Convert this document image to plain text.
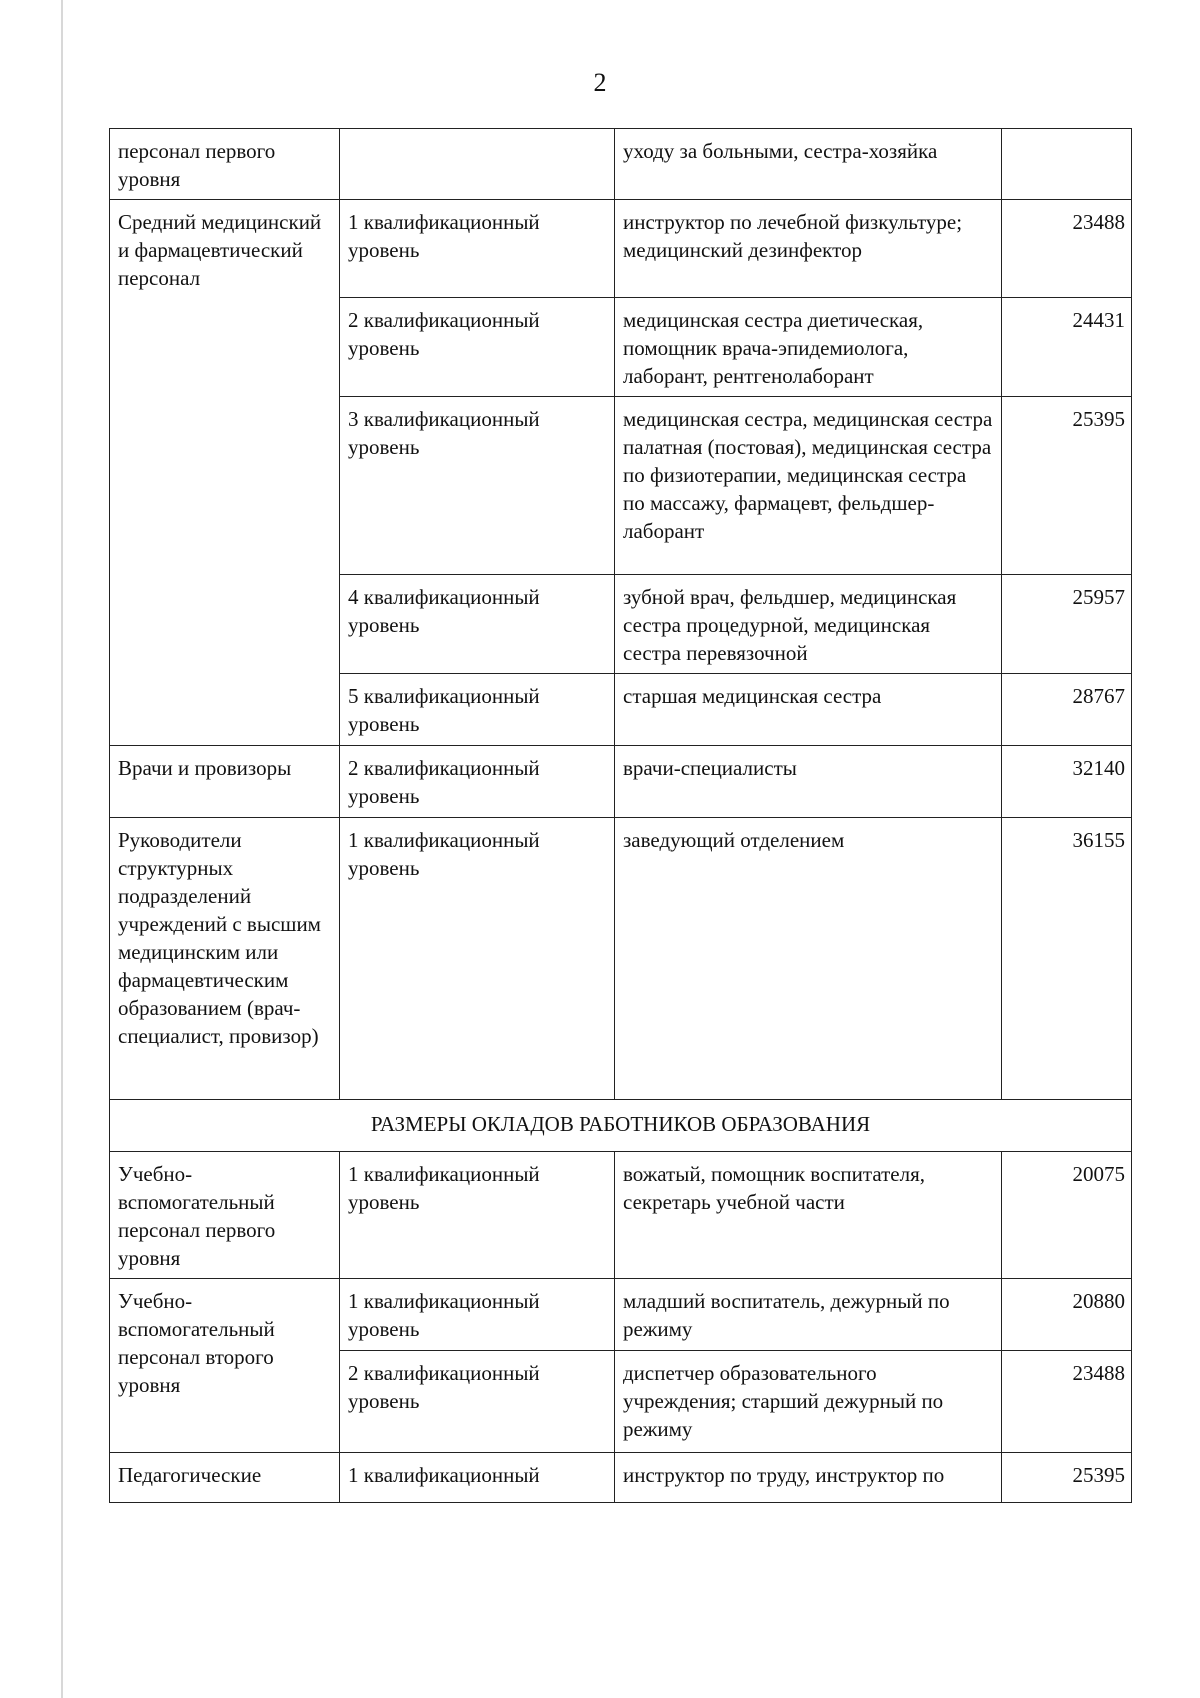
2
персонал первого уровня		уходу за больными, сестра-хозяйка	
Средний медицинский и фармацевтический персонал	1 квалификационный уровень	инструктор по лечебной физкультуре; медицинский дезинфектор	23488
	2 квалификационный уровень	медицинская сестра диетическая, помощник врача-эпидемиолога, лаборант, рентгенолаборант	24431
	3 квалификационный уровень	медицинская сестра, медицинская сестра палатная (постовая), медицинская сестра по физиотерапии, медицинская сестра по массажу, фармацевт, фельдшер-лаборант	25395
	4 квалификационный уровень	зубной врач, фельдшер, медицинская сестра процедурной, медицинская сестра перевязочной	25957
	5 квалификационный уровень	старшая медицинская сестра	28767
Врачи и провизоры	2 квалификационный уровень	врачи-специалисты	32140
Руководители структурных подразделений учреждений с высшим медицинским или фармацевтическим образованием (врач-специалист, провизор)	1 квалификационный уровень	заведующий отделением	36155
РАЗМЕРЫ ОКЛАДОВ РАБОТНИКОВ ОБРАЗОВАНИЯ			
Учебно-вспомогательный персонал первого уровня	1 квалификационный уровень	вожатый, помощник воспитателя, секретарь учебной части	20075
Учебно-вспомогательный персонал второго уровня	1 квалификационный уровень	младший воспитатель, дежурный по режиму	20880
	2 квалификационный уровень	диспетчер образовательного учреждения; старший дежурный по режиму	23488
Педагогические	1 квалификационный	инструктор по труду, инструктор по	25395
